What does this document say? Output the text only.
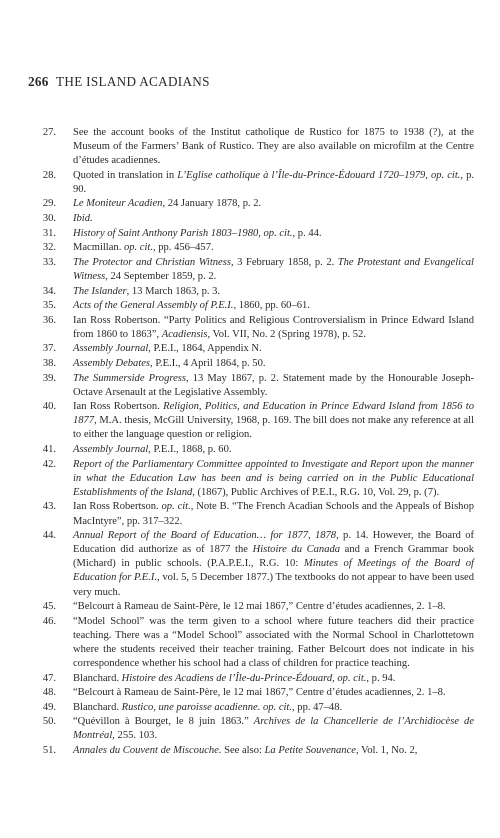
266 THE ISLAND ACADIANS
27. See the account books of the Institut catholique de Rustico for 1875 to 1938 (?), at the Museum of the Farmers’ Bank of Rustico. They are also available on microfilm at the Centre d’études acadiennes.
28. Quoted in translation in L’Eglise catholique à l’Île-du-Prince-Édouard 1720–1979, op. cit., p. 90.
29. Le Moniteur Acadien, 24 January 1878, p. 2.
30. Ibid.
31. History of Saint Anthony Parish 1803–1980, op. cit., p. 44.
32. Macmillan. op. cit., pp. 456–457.
33. The Protector and Christian Witness, 3 February 1858, p. 2. The Protestant and Evangelical Witness, 24 September 1859, p. 2.
34. The Islander, 13 March 1863, p. 3.
35. Acts of the General Assembly of P.E.I., 1860, pp. 60–61.
36. Ian Ross Robertson. “Party Politics and Religious Controversialism in Prince Edward Island from 1860 to 1863”, Acadiensis, Vol. VII, No. 2 (Spring 1978), p. 52.
37. Assembly Journal, P.E.I., 1864, Appendix N.
38. Assembly Debates, P.E.I., 4 April 1864, p. 50.
39. The Summerside Progress, 13 May 1867, p. 2. Statement made by the Honourable Joseph-Octave Arsenault at the Legislative Assembly.
40. Ian Ross Robertson. Religion, Politics, and Education in Prince Edward Island from 1856 to 1877, M.A. thesis, McGill University, 1968, p. 169. The bill does not make any reference at all to either the language question or religion.
41. Assembly Journal, P.E.I., 1868, p. 60.
42. Report of the Parliamentary Committee appointed to Investigate and Report upon the manner in what the Education Law has been and is being carried on in the Public Educational Establishments of the Island, (1867), Public Archives of P.E.I., R.G. 10, Vol. 29, p. (7).
43. Ian Ross Robertson. op. cit., Note B. “The French Acadian Schools and the Appeals of Bishop MacIntyre”, pp. 317–322.
44. Annual Report of the Board of Education… for 1877, 1878, p. 14. However, the Board of Education did authorize as of 1877 the Histoire du Canada and a French Grammar book (Michard) in public schools. (P.A.P.E.I., R.G. 10: Minutes of Meetings of the Board of Education for P.E.I., vol. 5, 5 December 1877.) The textbooks do not appear to have been used very much.
45. “Belcourt à Rameau de Saint-Père, le 12 mai 1867,” Centre d’études acadiennes, 2. 1–8.
46. “Model School” was the term given to a school where future teachers did their practice teaching. There was a “Model School” associated with the Normal School in Charlottetown where the students received their teacher training. Father Belcourt does not indicate in his correspondence whether his school had a class of children for practice teaching.
47. Blanchard. Histoire des Acadiens de l’Île-du-Prince-Édouard, op. cit., p. 94.
48. “Belcourt à Rameau de Saint-Père, le 12 mai 1867,” Centre d’études acadiennes, 2. 1–8.
49. Blanchard. Rustico, une paroisse acadienne. op. cit., pp. 47–48.
50. “Quévillon à Bourget, le 8 juin 1863.” Archives de la Chancellerie de l’Archidiocèse de Montréal, 255. 103.
51. Annales du Couvent de Miscouche. See also: La Petite Souvenance, Vol. 1, No. 2,
